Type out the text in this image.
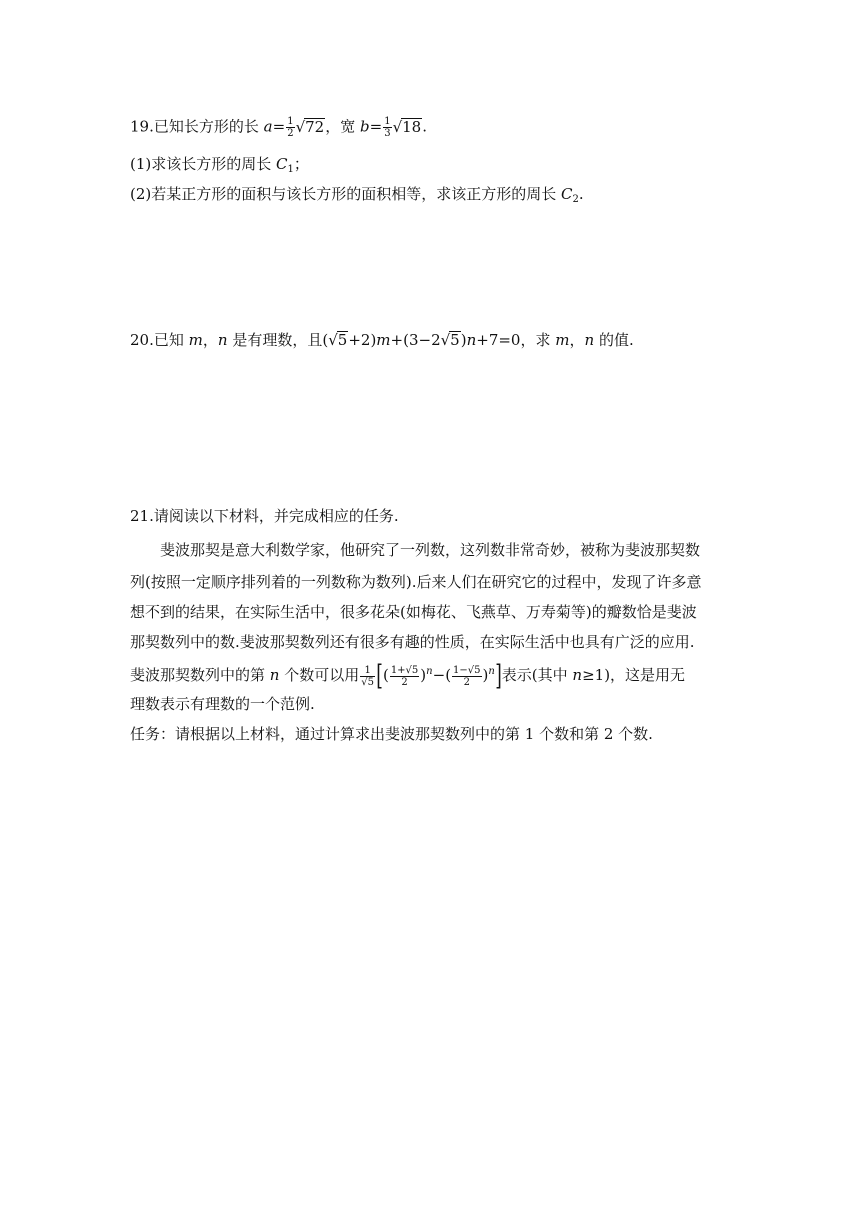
19.已知长方形的长 $a= \frac{1}{2} √72$，宽 $b= \frac{1}{3} √18$.
(1)求该长方形的周长 $C_1$；
(2)若某正方形的面积与该长方形的面积相等，求该正方形的周长 $C_2$.
20.已知 m，n 是有理数，且(√5+2)m+(3−2√5)n+7=0，求 m，n 的值.
21.请阅读以下材料，并完成相应的任务.
斐波那契是意大利数学家，他研究了一列数，这列数非常奇妙，被称为斐波那契数
列(按照一定顺序排列着的一列数称为数列).后来人们在研究它的过程中，发现了许多意
想不到的结果，在实际生活中，很多花朵(如梅花、飞燕草、万寿菊等)的瓣数恰是斐波
那契数列中的数.斐波那契数列还有很多有趣的性质，在实际生活中也具有广泛的应用.
斐波那契数列中的第 n 个数可以用 $\frac{1}{√5}$ [( $\frac{1+√5}{2} )^n-( \frac{1-√5}{2} )^n$]表示(其中 n≥1)，这是用无
理数表示有理数的一个范例.
任务：请根据以上材料，通过计算求出斐波那契数列中的第 1 个数和第 2 个数.
